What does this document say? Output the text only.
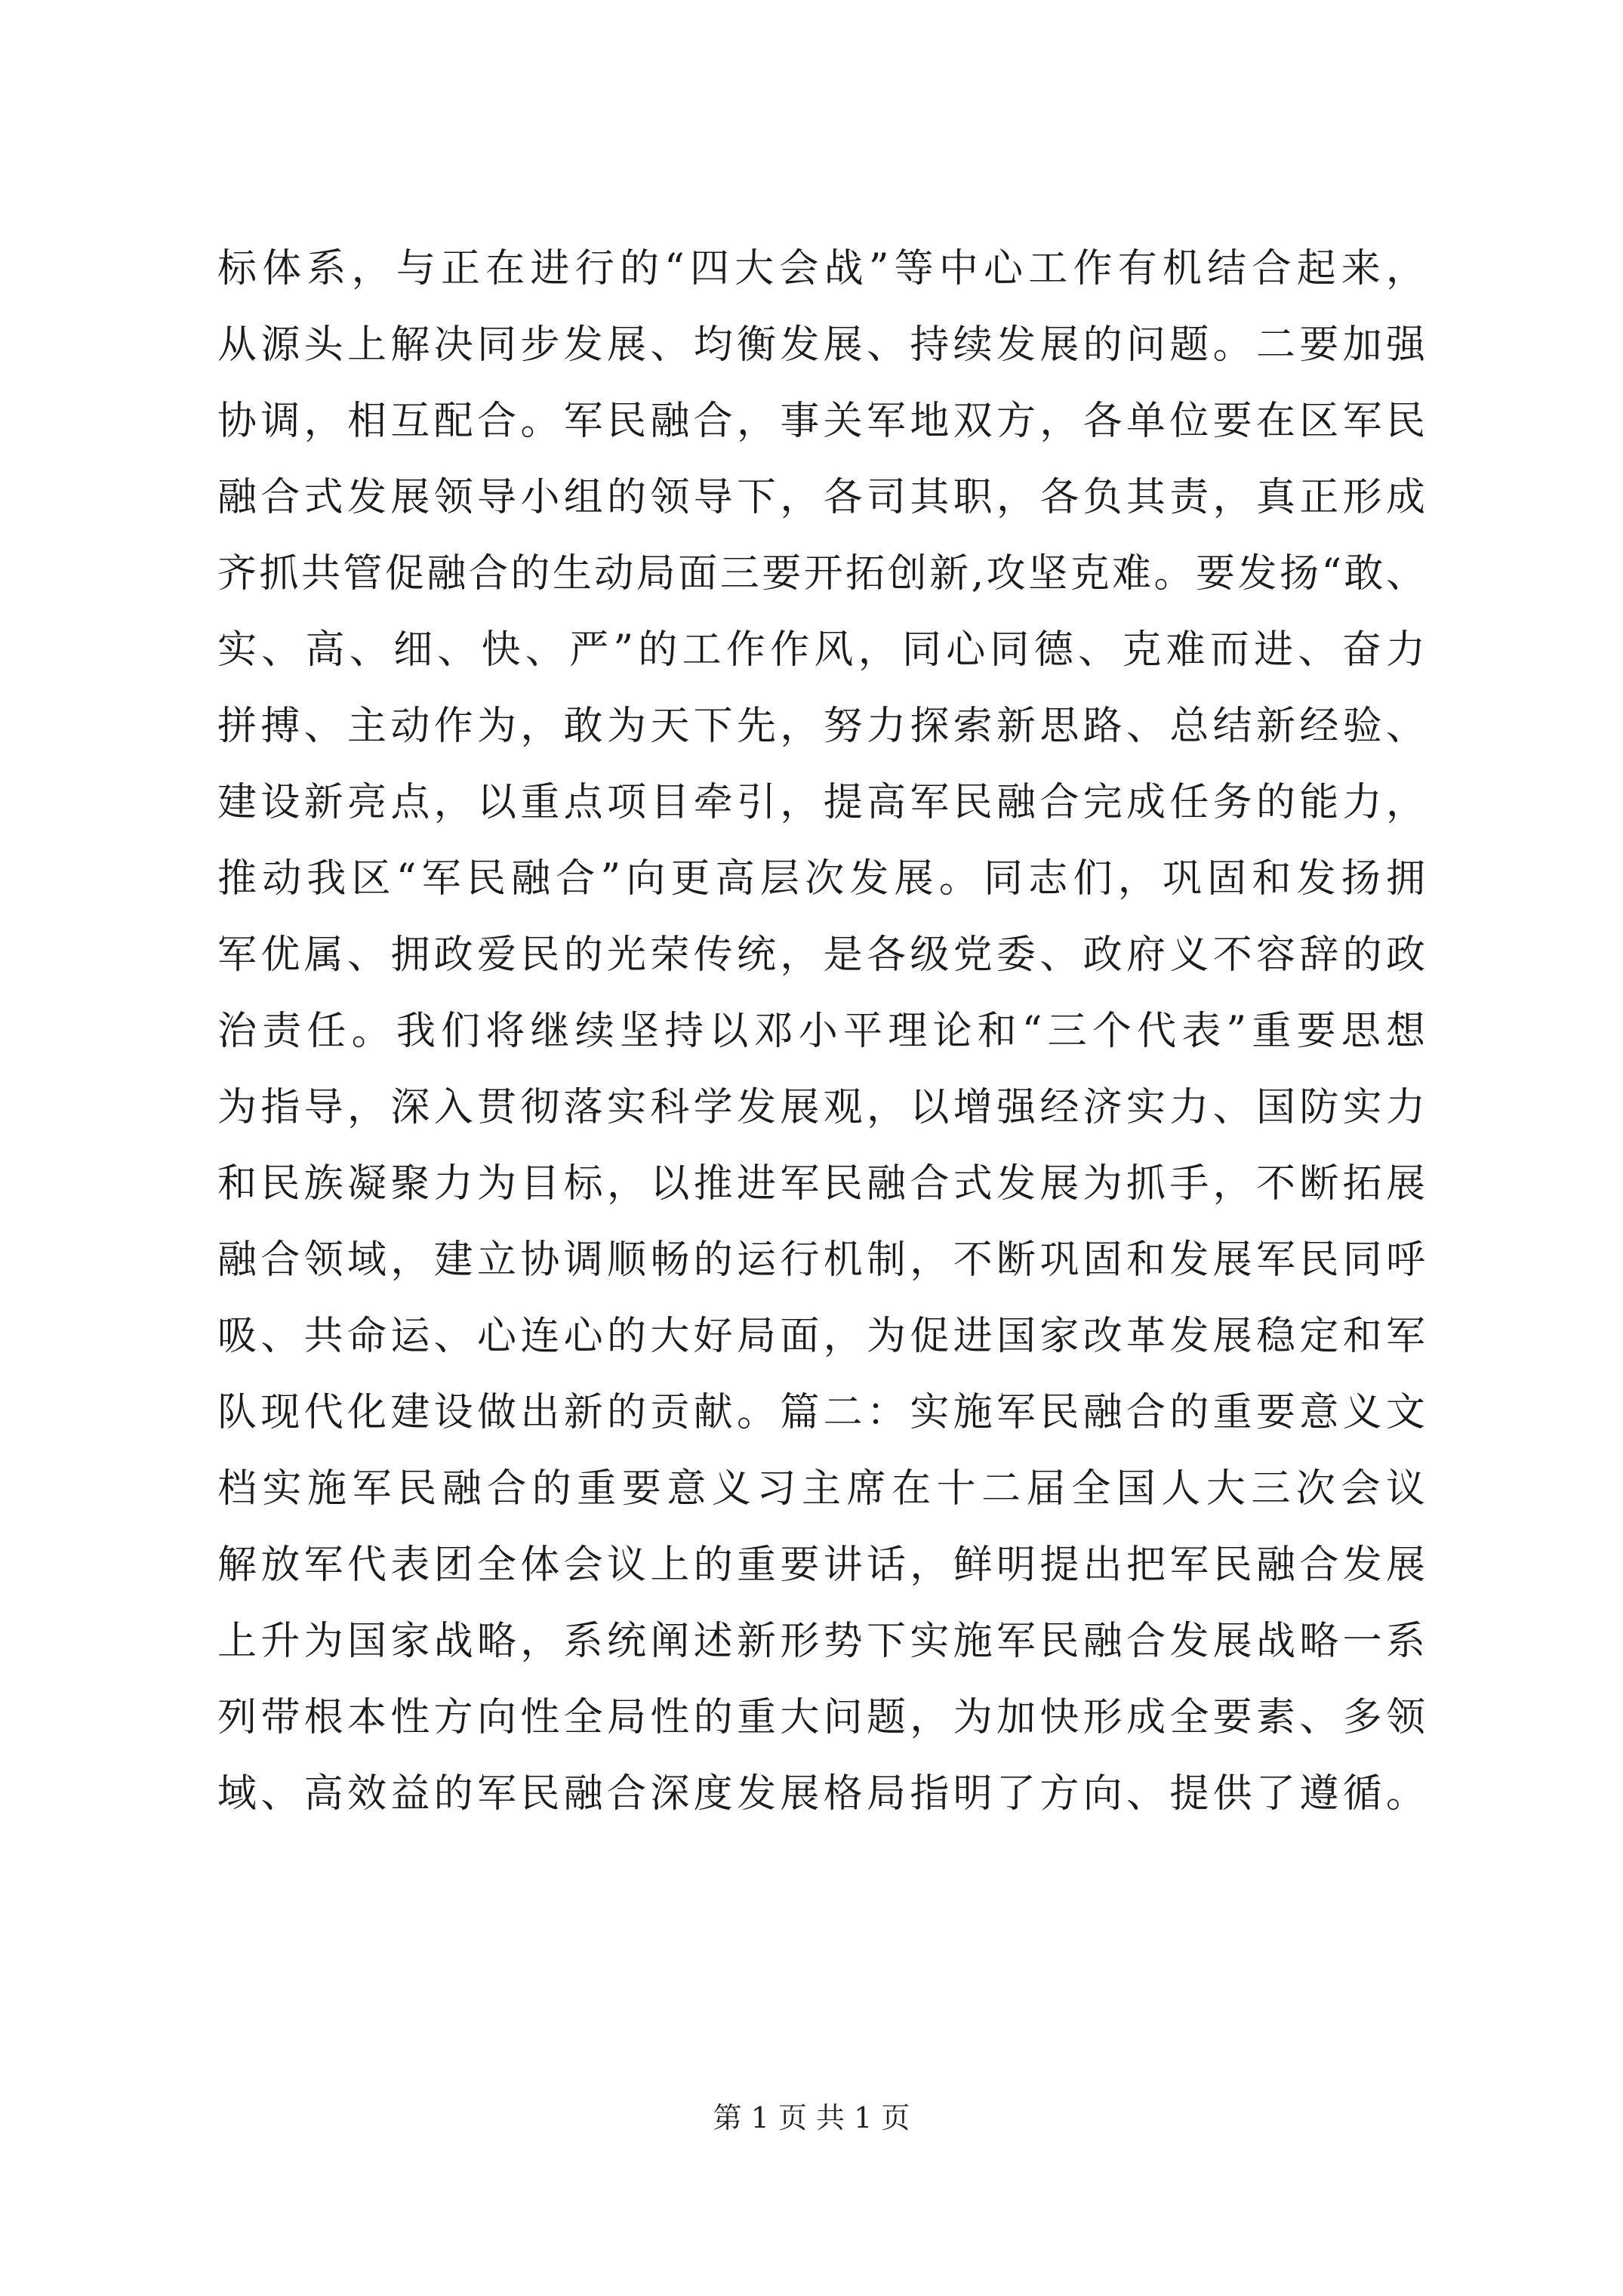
标体系，与正在进行的“四大会战”等中心工作有机结合起来，
从源头上解决同步发展、均衡发展、持续发展的问题。二要加强
协调，相互配合。军民融合，事关军地双方，各单位要在区军民
融合式发展领导小组的领导下，各司其职，各负其责，真正形成
齐抓共管促融合的生动局面三要开拓创新,攻坚克难。要发扬“敢、
实、高、细、快、严”的工作作风，同心同德、克难而进、奋力
拼搏、主动作为，敢为天下先，努力探索新思路、总结新经验、
建设新亮点，以重点项目牵引，提高军民融合完成任务的能力，
推动我区“军民融合”向更高层次发展。同志们，巩固和发扬拥
军优属、拥政爱民的光荣传统，是各级党委、政府义不容辞的政
治责任。我们将继续坚持以邓小平理论和“三个代表”重要思想
为指导，深入贯彻落实科学发展观，以增强经济实力、国防实力
和民族凝聚力为目标，以推进军民融合式发展为抓手，不断拓展
融合领域，建立协调顺畅的运行机制，不断巩固和发展军民同呼
吸、共命运、心连心的大好局面，为促进国家改革发展稳定和军
队现代化建设做出新的贡献。篇二：实施军民融合的重要意义文
档实施军民融合的重要意义习主席在十二届全国人大三次会议
解放军代表团全体会议上的重要讲话，鲜明提出把军民融合发展
上升为国家战略，系统阐述新形势下实施军民融合发展战略一系
列带根本性方向性全局性的重大问题，为加快形成全要素、多领
域、高效益的军民融合深度发展格局指明了方向、提供了遵循。
第 1 页 共 1 页
